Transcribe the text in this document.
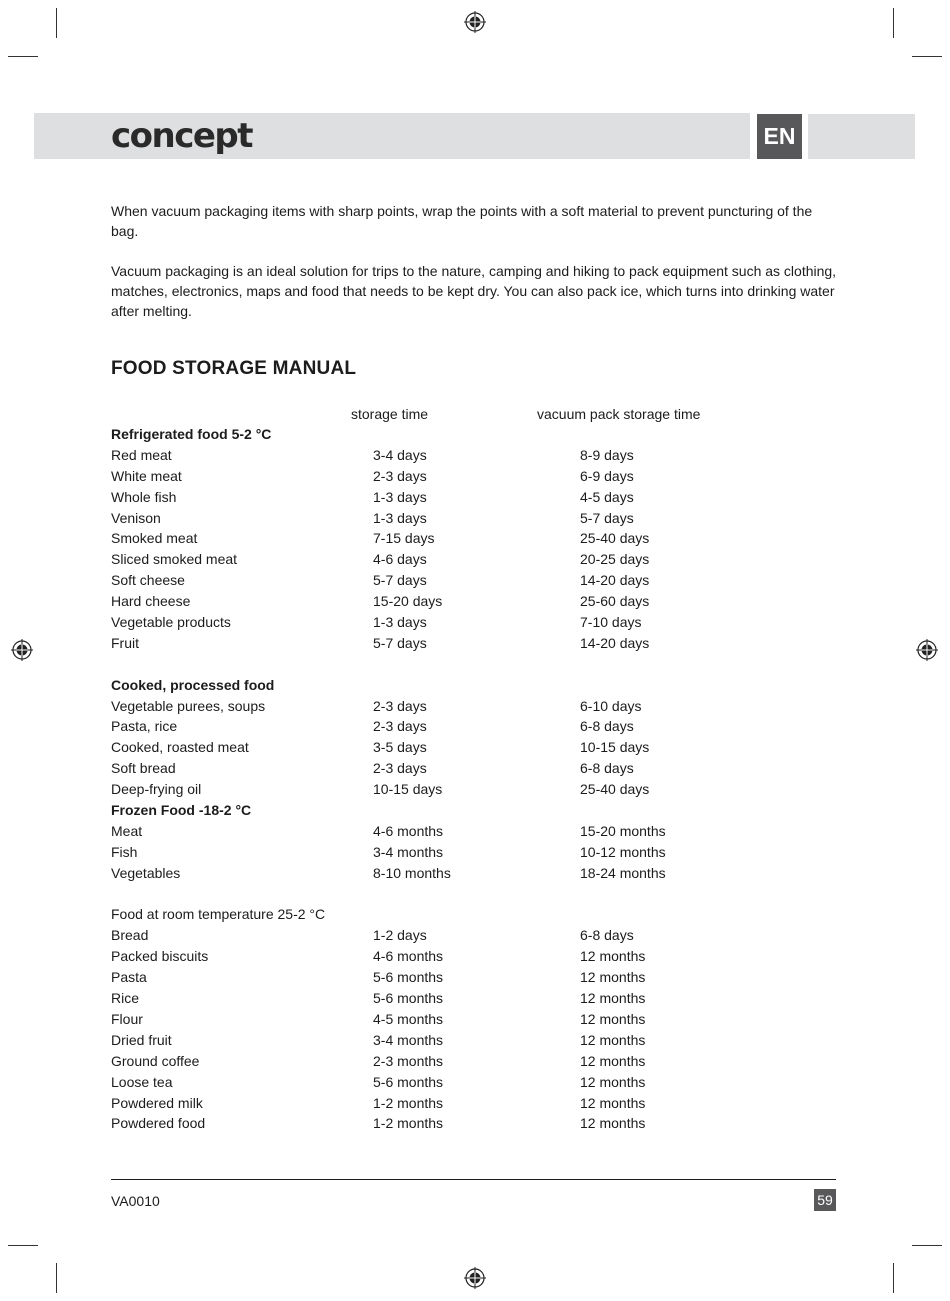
concept	EN
When vacuum packaging items with sharp points, wrap the points with a soft material to prevent puncturing of the bag.
Vacuum packaging is an ideal solution for trips to the nature, camping and hiking to pack equipment such as clothing, matches, electronics, maps and food that needs to be kept dry. You can also pack ice, which turns into drinking water after melting.
FOOD STORAGE MANUAL
storage time	vacuum pack storage time
Refrigerated food 5-2 °C
Red meat	3-4 days	8-9 days
White meat	2-3 days	6-9 days
Whole fish	1-3 days	4-5 days
Venison	1-3 days	5-7 days
Smoked meat	7-15 days	25-40 days
Sliced smoked meat	4-6 days	20-25 days
Soft cheese	5-7 days	14-20 days
Hard cheese	15-20 days	25-60 days
Vegetable products	1-3 days	7-10 days
Fruit	5-7 days	14-20 days
Cooked, processed food
Vegetable purees, soups	2-3 days	6-10 days
Pasta, rice	2-3 days	6-8 days
Cooked, roasted meat	3-5 days	10-15 days
Soft bread	2-3 days	6-8 days
Deep-frying oil	10-15 days	25-40 days
Frozen Food -18-2 °C
Meat	4-6 months	15-20 months
Fish	3-4 months	10-12 months
Vegetables	8-10 months	18-24 months
Food at room temperature 25-2 °C
Bread	1-2 days	6-8 days
Packed biscuits	4-6 months	12 months
Pasta	5-6 months	12 months
Rice	5-6 months	12 months
Flour	4-5 months	12 months
Dried fruit	3-4 months	12 months
Ground coffee	2-3 months	12 months
Loose tea	5-6 months	12 months
Powdered milk	1-2 months	12 months
Powdered food	1-2 months	12 months
VA0010	59
